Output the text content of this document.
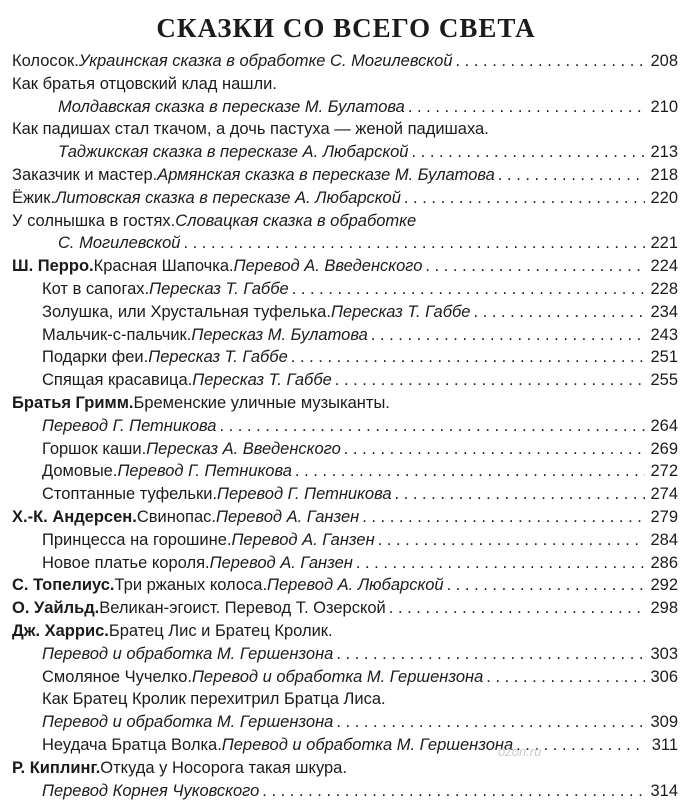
СКАЗКИ СО ВСЕГО СВЕТА
Колосок. Украинская сказка в обработке С. Могилевской . . .	208
Как братья отцовский клад нашли.
Молдавская сказка в пересказе М. Булатова . . .	210
Как падишах стал ткачом, а дочь пастуха — женой падишаха.
Таджикская сказка в пересказе А. Любарской . . .	213
Заказчик и мастер. Армянская сказка в пересказе М. Булатова . . .	218
Ёжик. Литовская сказка в пересказе А. Любарской . . .	220
У солнышка в гостях. Словацкая сказка в обработке
С. Могилевской . . .	221
Ш. Перро. Красная Шапочка. Перевод А. Введенского . . .	224
Кот в сапогах. Пересказ Т. Габбе . . .	228
Золушка, или Хрустальная туфелька. Пересказ Т. Габбе . . .	234
Мальчик-с-пальчик. Пересказ М. Булатова . . .	243
Подарки феи. Пересказ Т. Габбе . . .	251
Спящая красавица. Пересказ Т. Габбе . . .	255
Братья Гримм. Бременские уличные музыканты.
Перевод Г. Петникова . . .	264
Горшок каши. Пересказ А. Введенского . . .	269
Домовые. Перевод Г. Петникова . . .	272
Стоптанные туфельки. Перевод Г. Петникова . . .	274
Х.-К. Андерсен. Свинопас. Перевод А. Ганзен . . .	279
Принцесса на горошине. Перевод А. Ганзен . . .	284
Новое платье короля. Перевод А. Ганзен . . .	286
С. Топелиус. Три ржаных колоса. Перевод А. Любарской . . .	292
О. Уайльд. Великан-эгоист. Перевод Т. Озерской . . .	298
Дж. Харрис. Братец Лис и Братец Кролик.
Перевод и обработка М. Гершензона . . .	303
Смоляное Чучелко. Перевод и обработка М. Гершензона . . .	306
Как Братец Кролик перехитрил Братца Лиса.
Перевод и обработка М. Гершензона . . .	309
Неудача Братца Волка. Перевод и обработка М. Гершензона . . .	311
Р. Киплинг. Откуда у Носорога такая шкура.
Перевод Корнея Чуковского . . .	314
ozon.ru
